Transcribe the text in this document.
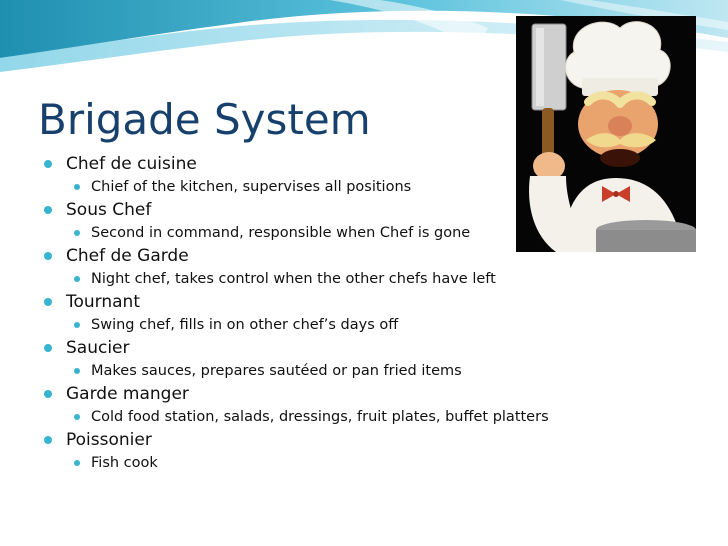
Brigade System
Chef de cuisine
Chief of the kitchen, supervises all positions
Sous Chef
Second in command, responsible when Chef is gone
Chef de Garde
Night chef, takes control when the other chefs have left
Tournant
Swing chef, fills in on other chef’s days off
Saucier
Makes sauces, prepares sautéed or pan fried items
Garde manger
Cold food station, salads, dressings, fruit plates, buffet platters
Poissonier
Fish cook
